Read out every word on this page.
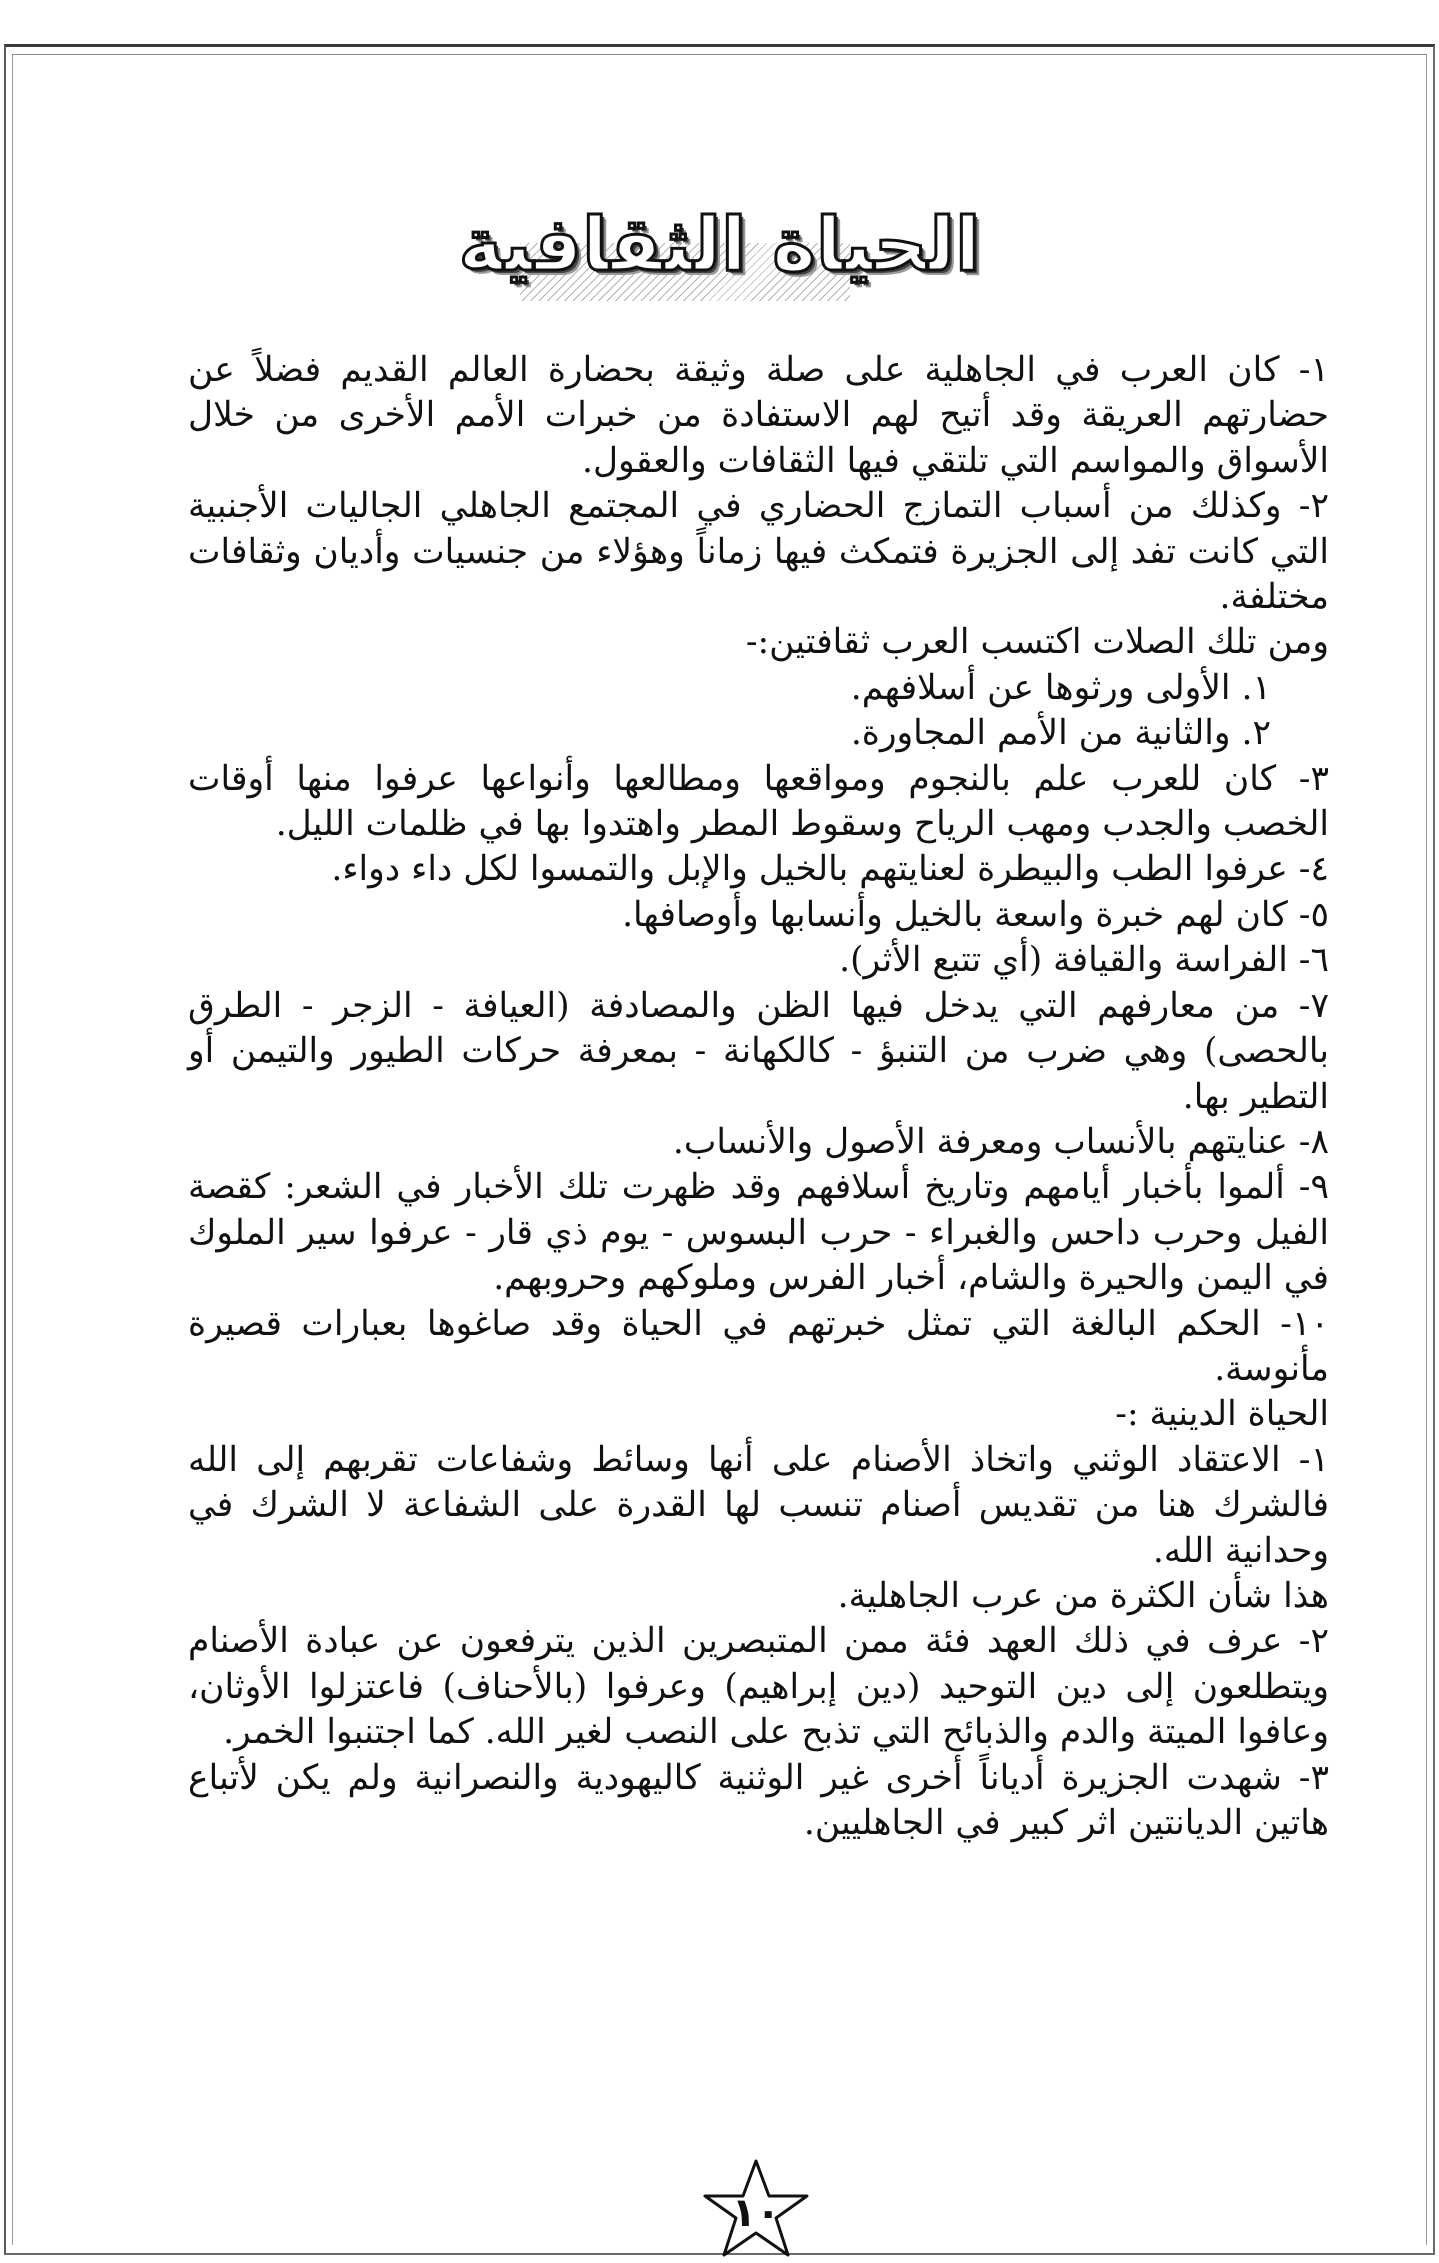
الحياة الثقافية

١- كان العرب في الجاهلية على صلة وثيقة بحضارة العالم القديم فضلاً عن حضارتهم العريقة وقد أتيح لهم الاستفادة من خبرات الأمم الأخرى من خلال الأسواق والمواسم التي تلتقي فيها الثقافات والعقول.

٢- وكذلك من أسباب التمازج الحضاري في المجتمع الجاهلي الجاليات الأجنبية التي كانت تفد إلى الجزيرة فتمكث فيها زماناً وهؤلاء من جنسيات وأديان وثقافات مختلفة.

ومن تلك الصلات اكتسب العرب ثقافتين:-

١. الأولى ورثوها عن أسلافهم.

٢. والثانية من الأمم المجاورة.

٣- كان للعرب علم بالنجوم ومواقعها ومطالعها وأنواعها عرفوا منها أوقات الخصب والجدب ومهب الرياح وسقوط المطر واهتدوا بها في ظلمات الليل.

٤- عرفوا الطب والبيطرة لعنايتهم بالخيل والإبل والتمسوا لكل داء دواء.

٥- كان لهم خبرة واسعة بالخيل وأنسابها وأوصافها.

٦- الفراسة والقيافة (أي تتبع الأثر).

٧- من معارفهم التي يدخل فيها الظن والمصادفة (العيافة - الزجر - الطرق بالحصى) وهي ضرب من التنبؤ - كالكهانة - بمعرفة حركات الطيور والتيمن أو التطير بها.

٨- عنايتهم بالأنساب ومعرفة الأصول والأنساب.

٩- ألموا بأخبار أيامهم وتاريخ أسلافهم وقد ظهرت تلك الأخبار في الشعر: كقصة الفيل وحرب داحس والغبراء - حرب البسوس - يوم ذي قار - عرفوا سير الملوك في اليمن والحيرة والشام، أخبار الفرس وملوكهم وحروبهم.

١٠- الحكم البالغة التي تمثل خبرتهم في الحياة وقد صاغوها بعبارات قصيرة مأنوسة.

الحياة الدينية :-

١- الاعتقاد الوثني واتخاذ الأصنام على أنها وسائط وشفاعات تقربهم إلى الله فالشرك هنا من تقديس أصنام تنسب لها القدرة على الشفاعة لا الشرك في وحدانية الله.

هذا شأن الكثرة من عرب الجاهلية.

٢- عرف في ذلك العهد فئة ممن المتبصرين الذين يترفعون عن عبادة الأصنام ويتطلعون إلى دين التوحيد (دين إبراهيم) وعرفوا (بالأحناف) فاعتزلوا الأوثان، وعافوا الميتة والدم والذبائح التي تذبح على النصب لغير الله. كما اجتنبوا الخمر.

٣- شهدت الجزيرة أدياناً أخرى غير الوثنية كاليهودية والنصرانية ولم يكن لأتباع هاتين الديانتين اثر كبير في الجاهليين.

١٠
